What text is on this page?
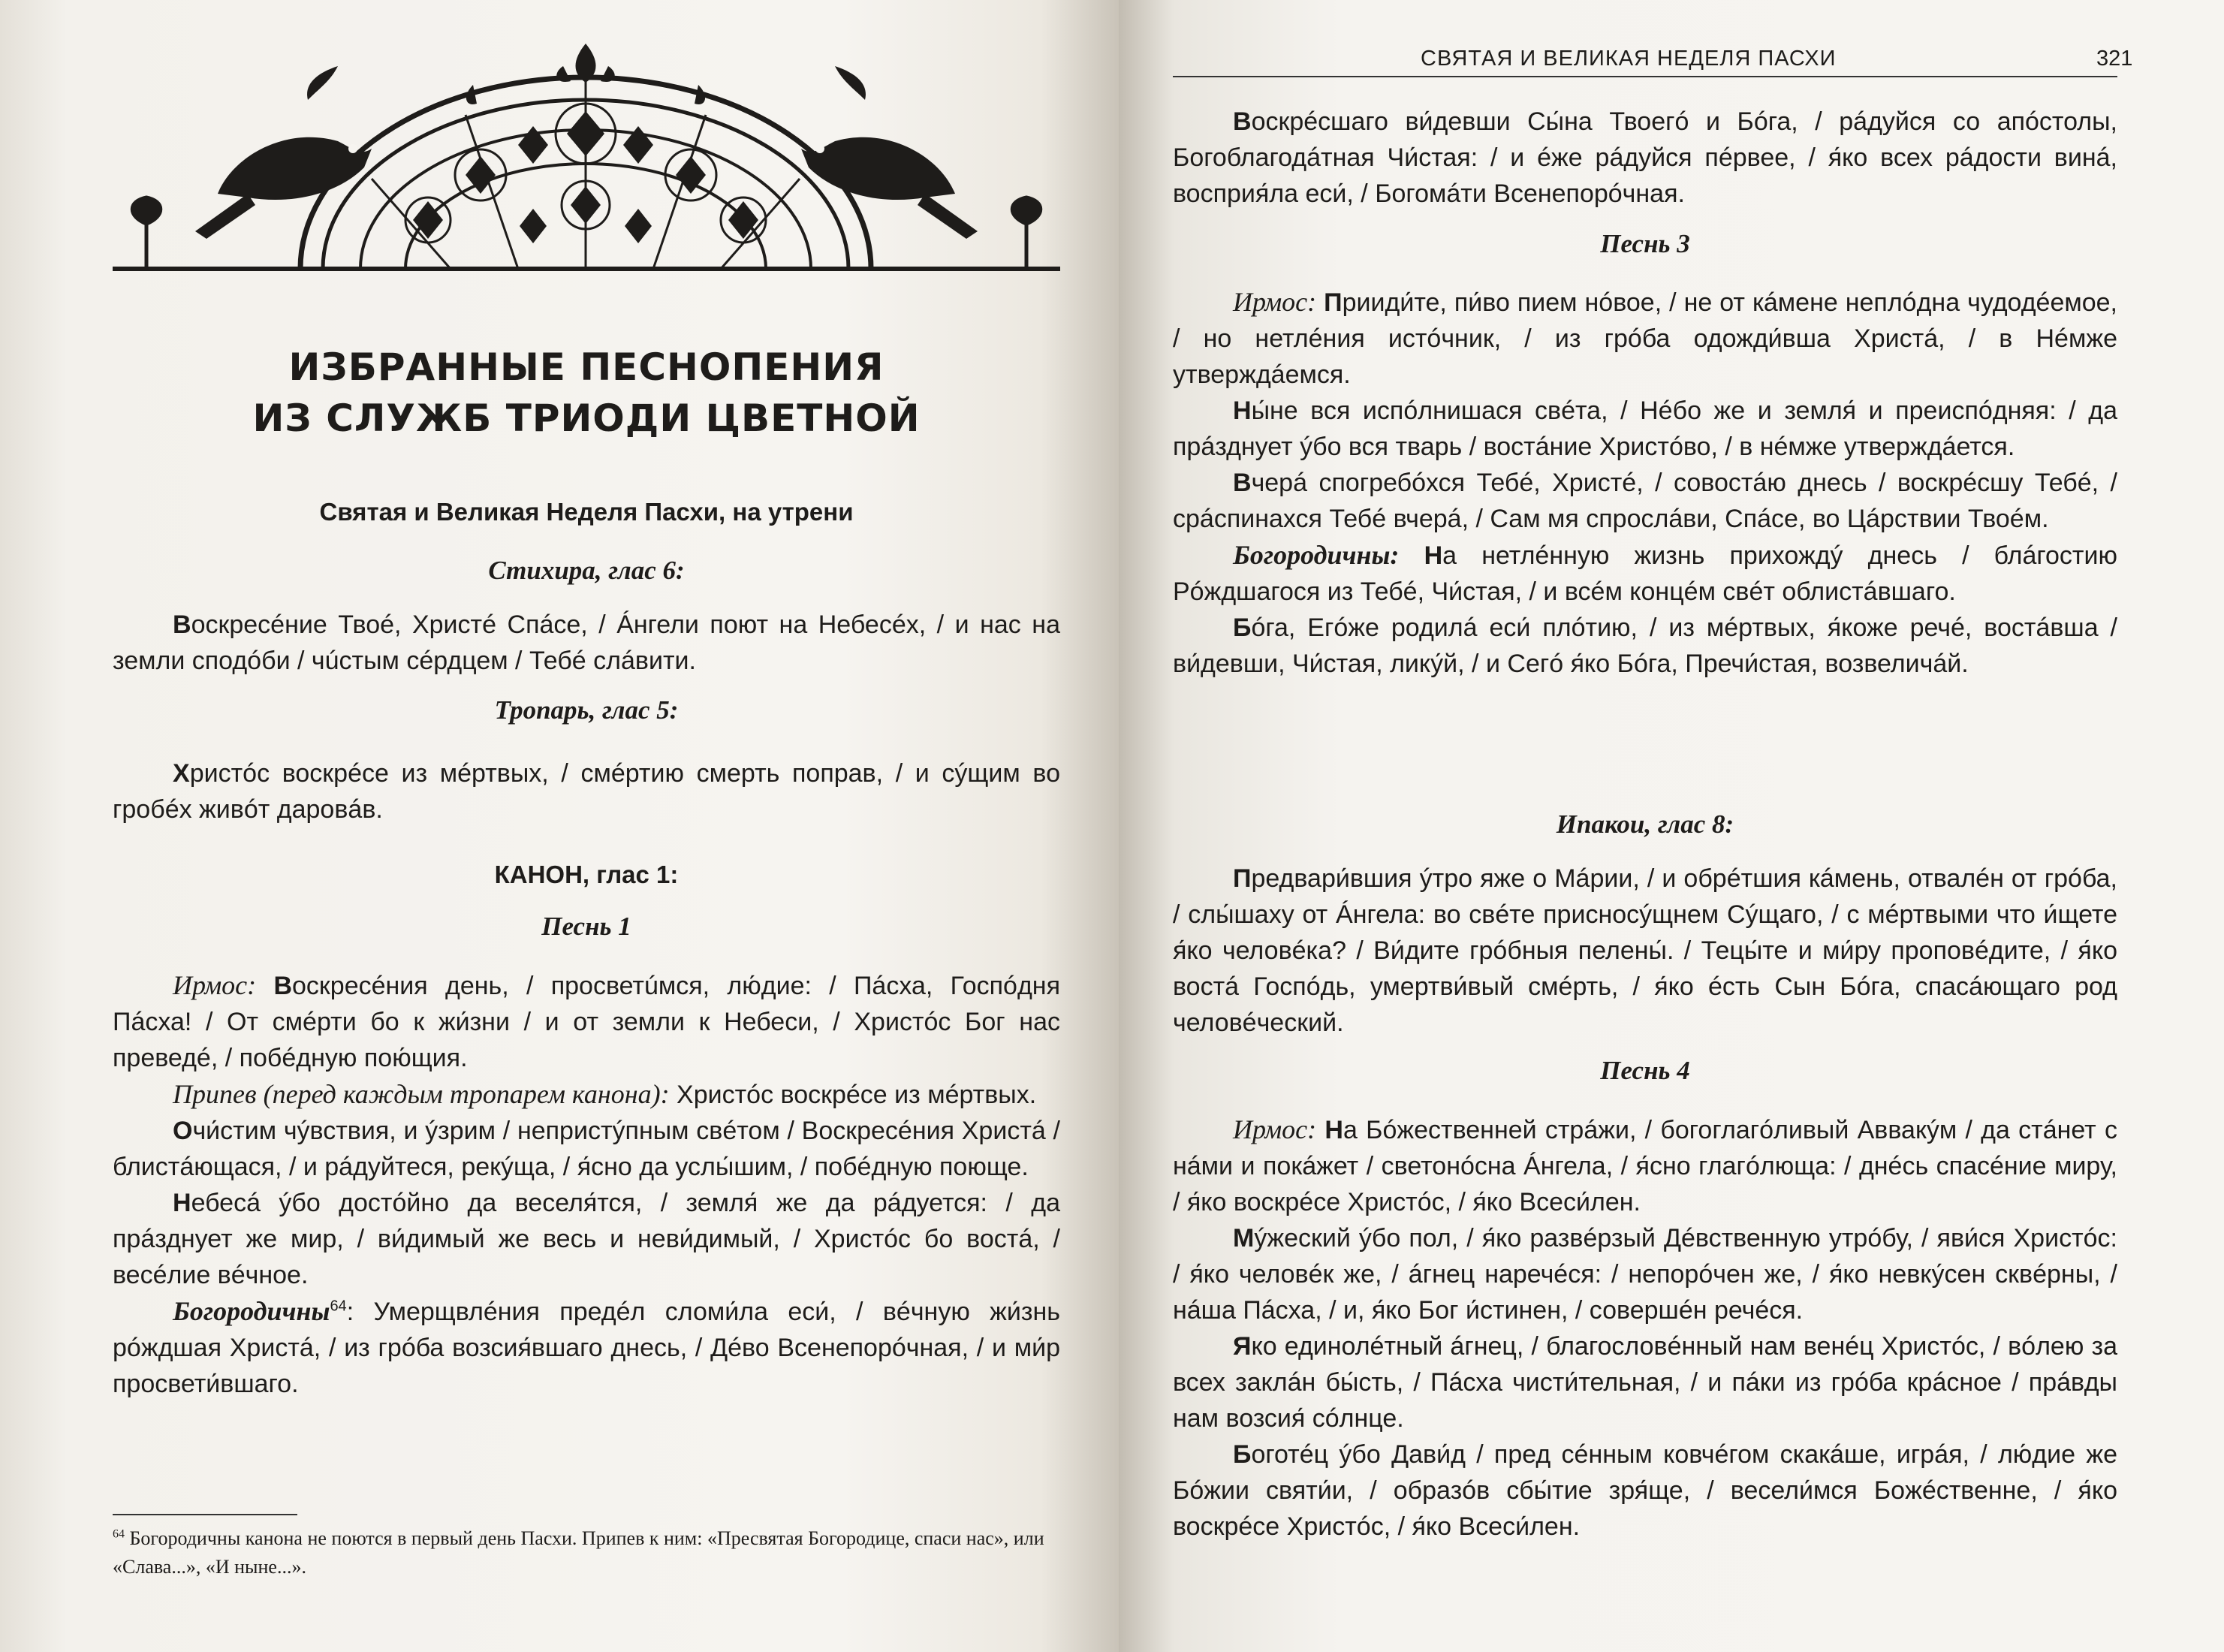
ИЗБРАННЫЕ ПЕСНОПЕНИЯ
ИЗ СЛУЖБ ТРИОДИ ЦВЕТНОЙ

Святая и Великая Неделя Пасхи, на утрени

Стихира, глас 6:

Воскресéние Твоé, Христé Спáсе, / Áнгели поют на Небесéх, / и нас на земли сподóби / чúстым сéрдцем / Тебé слáвити.

Тропарь, глас 5:

Христóс воскрéсе из мéртвых, / смéртию смерть поправ, / и сýщим во гробéх живóт даровáв.

КАНОН, глас 1:

Песнь 1

Ирмос: Воскресéния день, / просветúмся, лю́дие: / Пáсха, Госпóдня Пáсха! / От смéрти бо к жи́зни / и от земли к Небеси, / Христóс Бог нас преведé, / побéдную пою́щия.

Припев (перед каждым тропарем канона): Христóс воскрéсе из мéртвых.

Очи́стим чýвствия, и ýзрим / непристýпным свéтом / Воскресéния Христá / блистáющася, / и рáдуйтеся, рекýща, / я́сно да услы́шим, / побéдную поюще.

Небесá ýбо достóйно да веселя́тся, / земля́ же да рáдуется: / да прáзднует же мир, / ви́димый же весь и неви́димый, / Христóс бо востá, / весéлие вéчное.

Богородичны$^{64}$: Умерщвлéния предéл сломи́ла еси́, / вéчную жи́знь рóждшая Христá, / из грóба возсия́вшаго днесь, / Дéво Всенепорóчная, / и ми́р просвети́вшаго.

$^{64}$ Богородичны канона не поются в первый день Пасхи. Припев к ним: «Пресвятая Богородице, спаси нас», или «Слава...», «И ныне...».

СВЯТАЯ И ВЕЛИКАЯ НЕДЕЛЯ ПАСХИ	321

Воскрéсшаго ви́девши Сы́на Твоегó и Бóга, / рáдуйся со апóстолы, Богоблагодáтная Чи́стая: / и éже рáдуйся пéрвее, / я́ко всех рáдости винá, восприя́ла еси́, / Богомáти Всенепорóчная.

Песнь 3

Ирмос: Прииди́те, пи́во пием нóвое, / не от кáмене неплóдна чудодéемое, / но нетлéния истóчник, / из грóба одожди́вша Христá, / в Нéмже утверждáемся.

Ны́не вся испóлнишася свéта, / Нéбо же и земля́ и преиспóдняя: / да прáзднует ýбо вся тварь / востáние Христóво, / в нéмже утверждáется.

Вчерá спогребóхся Тебé, Христé, / совостáю днесь / воскрéсшу Тебé, / срáспинахся Тебé вчерá, / Сам мя спрослáви, Спáсе, во Цáрствии Твоéм.

Богородичны: На нетлéнную жизнь прихождý днесь / блáгостию Рóждшагося из Тебé, Чи́стая, / и всéм концéм свéт облистáвшаго.

Бóга, Егóже родилá еси́ плóтию, / из мéртвых, я́коже речé, востáвша / ви́девши, Чи́стая, лику́й, / и Сегó я́ко Бóга, Пречи́стая, возвеличáй.

Ипакои, глас 8:

Предвари́вшия ýтро яже о Мáрии, / и обрéтшия кáмень, отвалéн от грóба, / слы́шаху от Áнгела: во свéте присносýщнем Сýщаго, / с мéртвыми что и́щете я́ко человéка? / Ви́дите грóбныя пелены́. / Тецы́те и ми́ру проповéдите, / я́ко востá Госпóдь, умертви́вый смéрть, / я́ко éсть Сын Бóга, спасáющаго род человéческий.

Песнь 4

Ирмос: На Бóжественней стрáжи, / богоглагóливый Аввакýм / да стáнет с нáми и покáжет / светонóсна Áнгела, / я́сно глагóлюща: / днéсь спасéние миру, / я́ко воскрéсе Христóс, / я́ко Всеси́лен.

Мýжеский ýбо пол, / я́ко развéрзый Дéвственную утрóбу, / яви́ся Христóс: / я́ко человéк же, / áгнец наречéся: / непорóчен же, / я́ко невку́сен сквéрны, / нáша Пáсха, / и, я́ко Бог и́стинен, / совершéн речéся.

Яко единолéтный áгнец, / благословéнный нам венéц Христóс, / вóлею за всех заклáн бы́сть, / Пáсха чисти́тельная, / и пáки из грóба крáсное / прáвды нам возсия́ сóлнце.

Боготéц ýбо Дави́д / пред сéнным ковчéгом скакáше, игрáя, / лю́дие же Бóжии святи́и, / образóв сбы́тие зря́ще, / весели́мся Бoжéственне, / я́ко воскрéсе Христóс, / я́ко Всеси́лен.
